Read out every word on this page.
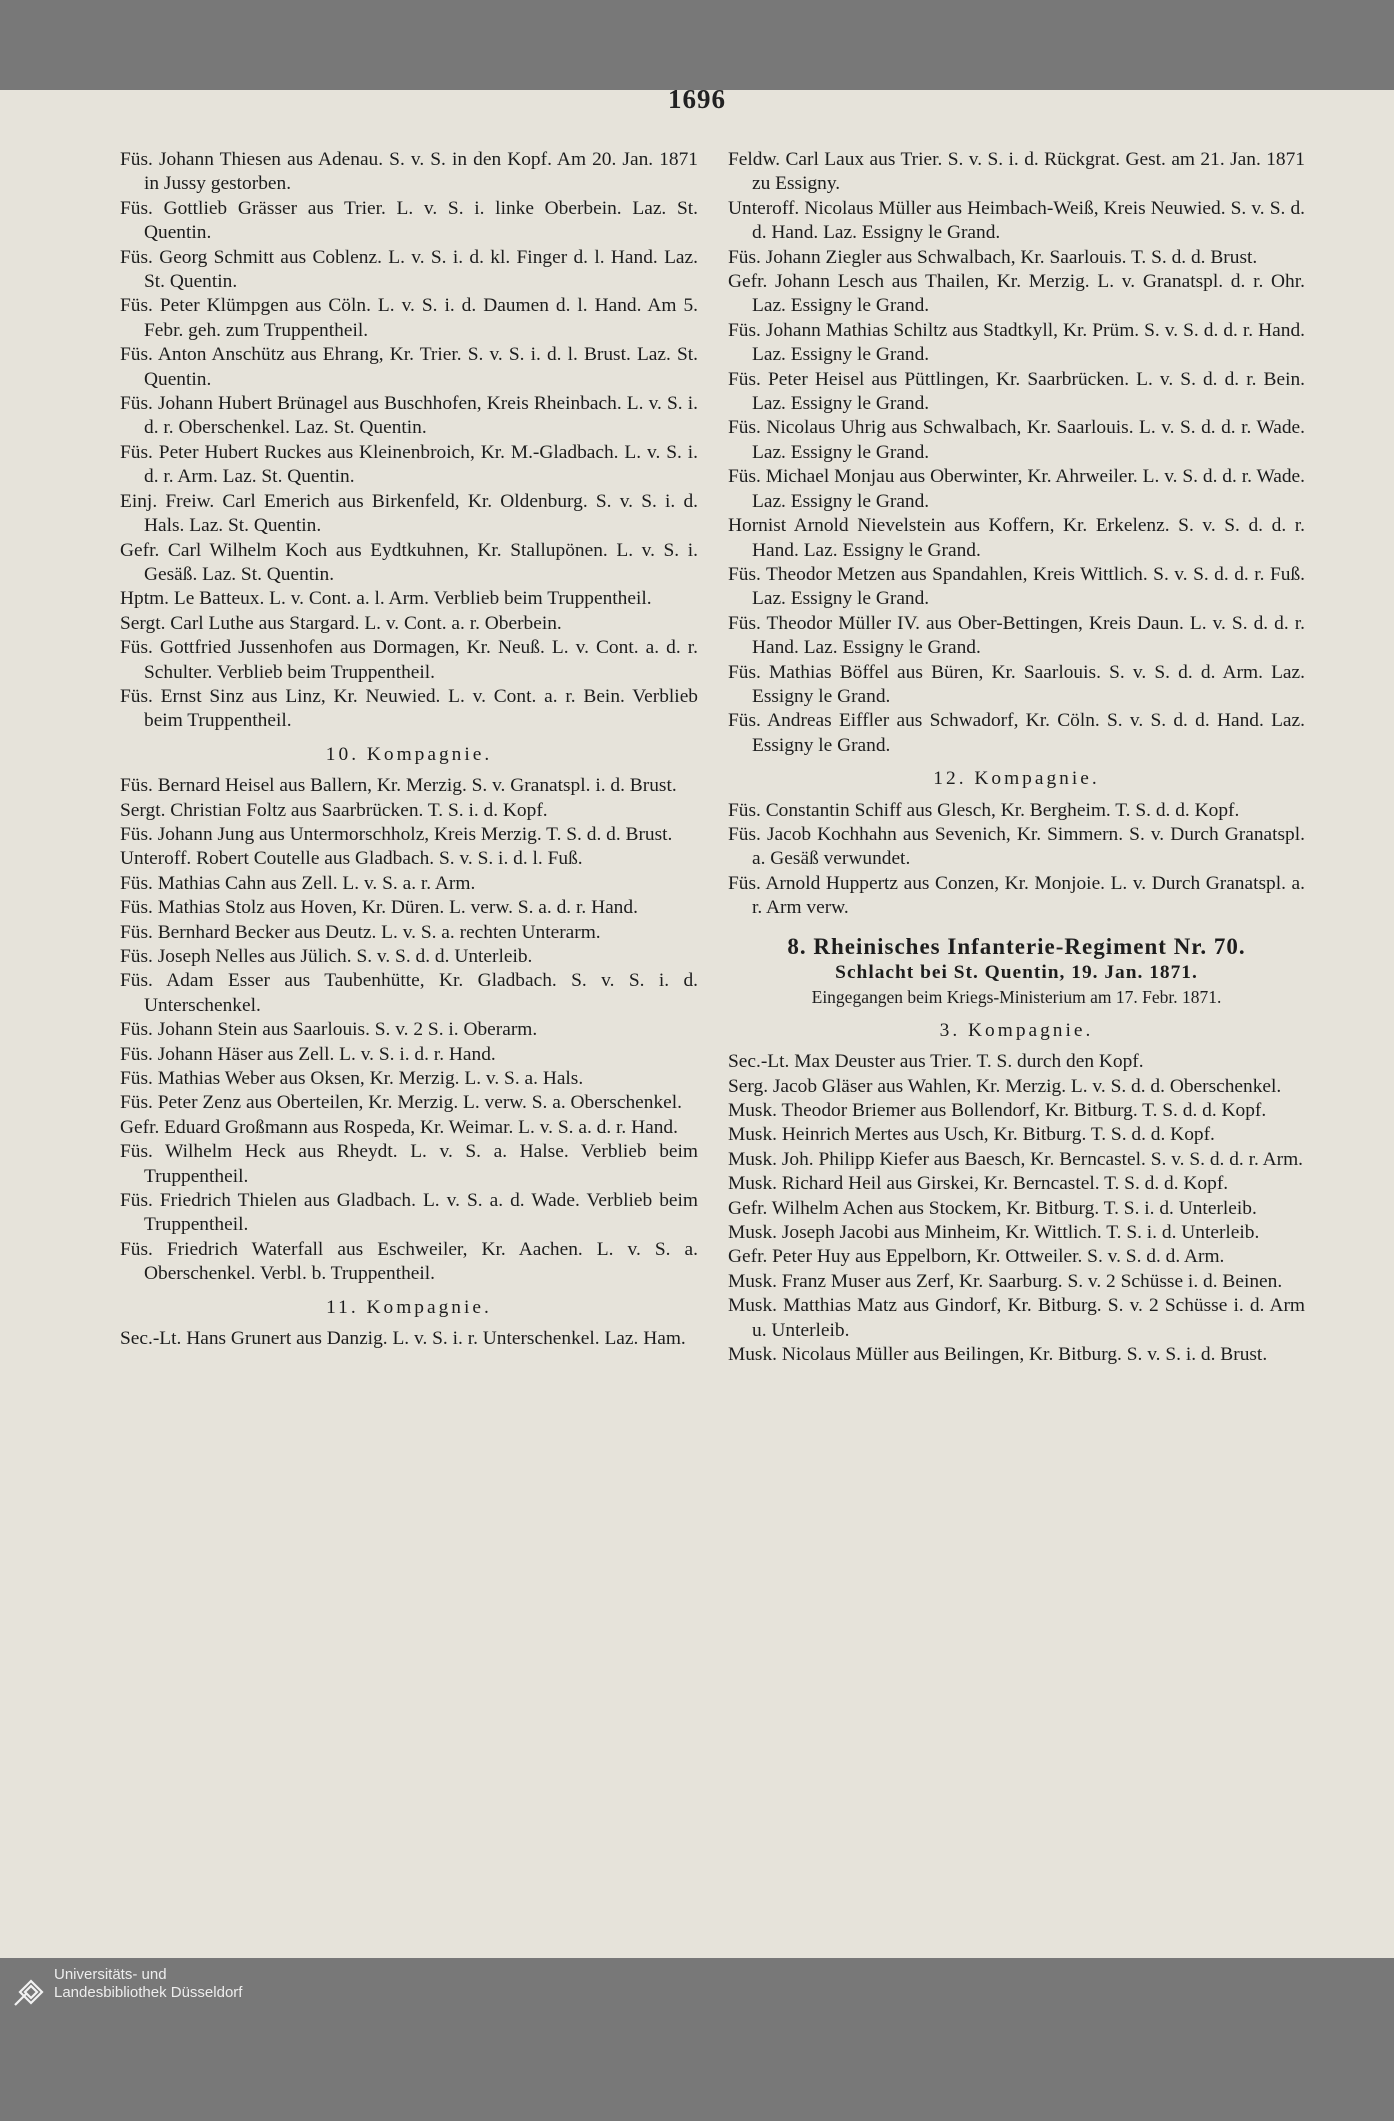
1696
Füs. Johann Thiesen aus Adenau. S. v. S. in den Kopf. Am 20. Jan. 1871 in Jussy gestorben.
Füs. Gottlieb Grässer aus Trier. L. v. S. i. linke Oberbein. Laz. St. Quentin.
Füs. Georg Schmitt aus Coblenz. L. v. S. i. d. kl. Finger d. l. Hand. Laz. St. Quentin.
Füs. Peter Klümpgen aus Cöln. L. v. S. i. d. Daumen d. l. Hand. Am 5. Febr. geh. zum Truppentheil.
Füs. Anton Anschütz aus Ehrang, Kr. Trier. S. v. S. i. d. l. Brust. Laz. St. Quentin.
Füs. Johann Hubert Brünagel aus Buschhofen, Kreis Rheinbach. L. v. S. i. d. r. Oberschenkel. Laz. St. Quentin.
Füs. Peter Hubert Ruckes aus Kleinenbroich, Kr. M.-Gladbach. L. v. S. i. d. r. Arm. Laz. St. Quentin.
Einj. Freiw. Carl Emerich aus Birkenfeld, Kr. Oldenburg. S. v. S. i. d. Hals. Laz. St. Quentin.
Gefr. Carl Wilhelm Koch aus Eydtkuhnen, Kr. Stallupönen. L. v. S. i. Gesäß. Laz. St. Quentin.
Hptm. Le Batteux. L. v. Cont. a. l. Arm. Verblieb beim Truppentheil.
Sergt. Carl Luthe aus Stargard. L. v. Cont. a. r. Oberbein.
Füs. Gottfried Jussenhofen aus Dormagen, Kr. Neuß. L. v. Cont. a. d. r. Schulter. Verblieb beim Truppentheil.
Füs. Ernst Sinz aus Linz, Kr. Neuwied. L. v. Cont. a. r. Bein. Verblieb beim Truppentheil.
10. Kompagnie.
Füs. Bernard Heisel aus Ballern, Kr. Merzig. S. v. Granatspl. i. d. Brust.
Sergt. Christian Foltz aus Saarbrücken. T. S. i. d. Kopf.
Füs. Johann Jung aus Untermorschholz, Kreis Merzig. T. S. d. d. Brust.
Unteroff. Robert Coutelle aus Gladbach. S. v. S. i. d. l. Fuß.
Füs. Mathias Cahn aus Zell. L. v. S. a. r. Arm.
Füs. Mathias Stolz aus Hoven, Kr. Düren. L. verw. S. a. d. r. Hand.
Füs. Bernhard Becker aus Deutz. L. v. S. a. rechten Unterarm.
Füs. Joseph Nelles aus Jülich. S. v. S. d. d. Unterleib.
Füs. Adam Esser aus Taubenhütte, Kr. Gladbach. S. v. S. i. d. Unterschenkel.
Füs. Johann Stein aus Saarlouis. S. v. 2 S. i. Oberarm.
Füs. Johann Häser aus Zell. L. v. S. i. d. r. Hand.
Füs. Mathias Weber aus Oksen, Kr. Merzig. L. v. S. a. Hals.
Füs. Peter Zenz aus Oberteilen, Kr. Merzig. L. verw. S. a. Oberschenkel.
Gefr. Eduard Großmann aus Rospeda, Kr. Weimar. L. v. S. a. d. r. Hand.
Füs. Wilhelm Heck aus Rheydt. L. v. S. a. Halse. Verblieb beim Truppentheil.
Füs. Friedrich Thielen aus Gladbach. L. v. S. a. d. Wade. Verblieb beim Truppentheil.
Füs. Friedrich Waterfall aus Eschweiler, Kr. Aachen. L. v. S. a. Oberschenkel. Verbl. b. Truppentheil.
11. Kompagnie.
Sec.-Lt. Hans Grunert aus Danzig. L. v. S. i. r. Unterschenkel. Laz. Ham.
Feldw. Carl Laux aus Trier. S. v. S. i. d. Rückgrat. Gest. am 21. Jan. 1871 zu Essigny.
Unteroff. Nicolaus Müller aus Heimbach-Weiß, Kreis Neuwied. S. v. S. d. d. Hand. Laz. Essigny le Grand.
Füs. Johann Ziegler aus Schwalbach, Kr. Saarlouis. T. S. d. d. Brust.
Gefr. Johann Lesch aus Thailen, Kr. Merzig. L. v. Granatspl. d. r. Ohr. Laz. Essigny le Grand.
Füs. Johann Mathias Schiltz aus Stadtkyll, Kr. Prüm. S. v. S. d. d. r. Hand. Laz. Essigny le Grand.
Füs. Peter Heisel aus Püttlingen, Kr. Saarbrücken. L. v. S. d. d. r. Bein. Laz. Essigny le Grand.
Füs. Nicolaus Uhrig aus Schwalbach, Kr. Saarlouis. L. v. S. d. d. r. Wade. Laz. Essigny le Grand.
Füs. Michael Monjau aus Oberwinter, Kr. Ahrweiler. L. v. S. d. d. r. Wade. Laz. Essigny le Grand.
Hornist Arnold Nievelstein aus Koffern, Kr. Erkelenz. S. v. S. d. d. r. Hand. Laz. Essigny le Grand.
Füs. Theodor Metzen aus Spandahlen, Kreis Wittlich. S. v. S. d. d. r. Fuß. Laz. Essigny le Grand.
Füs. Theodor Müller IV. aus Ober-Bettingen, Kreis Daun. L. v. S. d. d. r. Hand. Laz. Essigny le Grand.
Füs. Mathias Böffel aus Büren, Kr. Saarlouis. S. v. S. d. d. Arm. Laz. Essigny le Grand.
Füs. Andreas Eiffler aus Schwadorf, Kr. Cöln. S. v. S. d. d. Hand. Laz. Essigny le Grand.
12. Kompagnie.
Füs. Constantin Schiff aus Glesch, Kr. Bergheim. T. S. d. d. Kopf.
Füs. Jacob Kochhahn aus Sevenich, Kr. Simmern. S. v. Durch Granatspl. a. Gesäß verwundet.
Füs. Arnold Huppertz aus Conzen, Kr. Monjoie. L. v. Durch Granatspl. a. r. Arm verw.
8. Rheinisches Infanterie-Regiment Nr. 70.
Schlacht bei St. Quentin, 19. Jan. 1871.
Eingegangen beim Kriegs-Ministerium am 17. Febr. 1871.
3. Kompagnie.
Sec.-Lt. Max Deuster aus Trier. T. S. durch den Kopf.
Serg. Jacob Gläser aus Wahlen, Kr. Merzig. L. v. S. d. d. Oberschenkel.
Musk. Theodor Briemer aus Bollendorf, Kr. Bitburg. T. S. d. d. Kopf.
Musk. Heinrich Mertes aus Usch, Kr. Bitburg. T. S. d. d. Kopf.
Musk. Joh. Philipp Kiefer aus Baesch, Kr. Berncastel. S. v. S. d. d. r. Arm.
Musk. Richard Heil aus Girskei, Kr. Berncastel. T. S. d. d. Kopf.
Gefr. Wilhelm Achen aus Stockem, Kr. Bitburg. T. S. i. d. Unterleib.
Musk. Joseph Jacobi aus Minheim, Kr. Wittlich. T. S. i. d. Unterleib.
Gefr. Peter Huy aus Eppelborn, Kr. Ottweiler. S. v. S. d. d. Arm.
Musk. Franz Muser aus Zerf, Kr. Saarburg. S. v. 2 Schüsse i. d. Beinen.
Musk. Matthias Matz aus Gindorf, Kr. Bitburg. S. v. 2 Schüsse i. d. Arm u. Unterleib.
Musk. Nicolaus Müller aus Beilingen, Kr. Bitburg. S. v. S. i. d. Brust.
Universitäts- und
Landesbibliothek Düsseldorf
